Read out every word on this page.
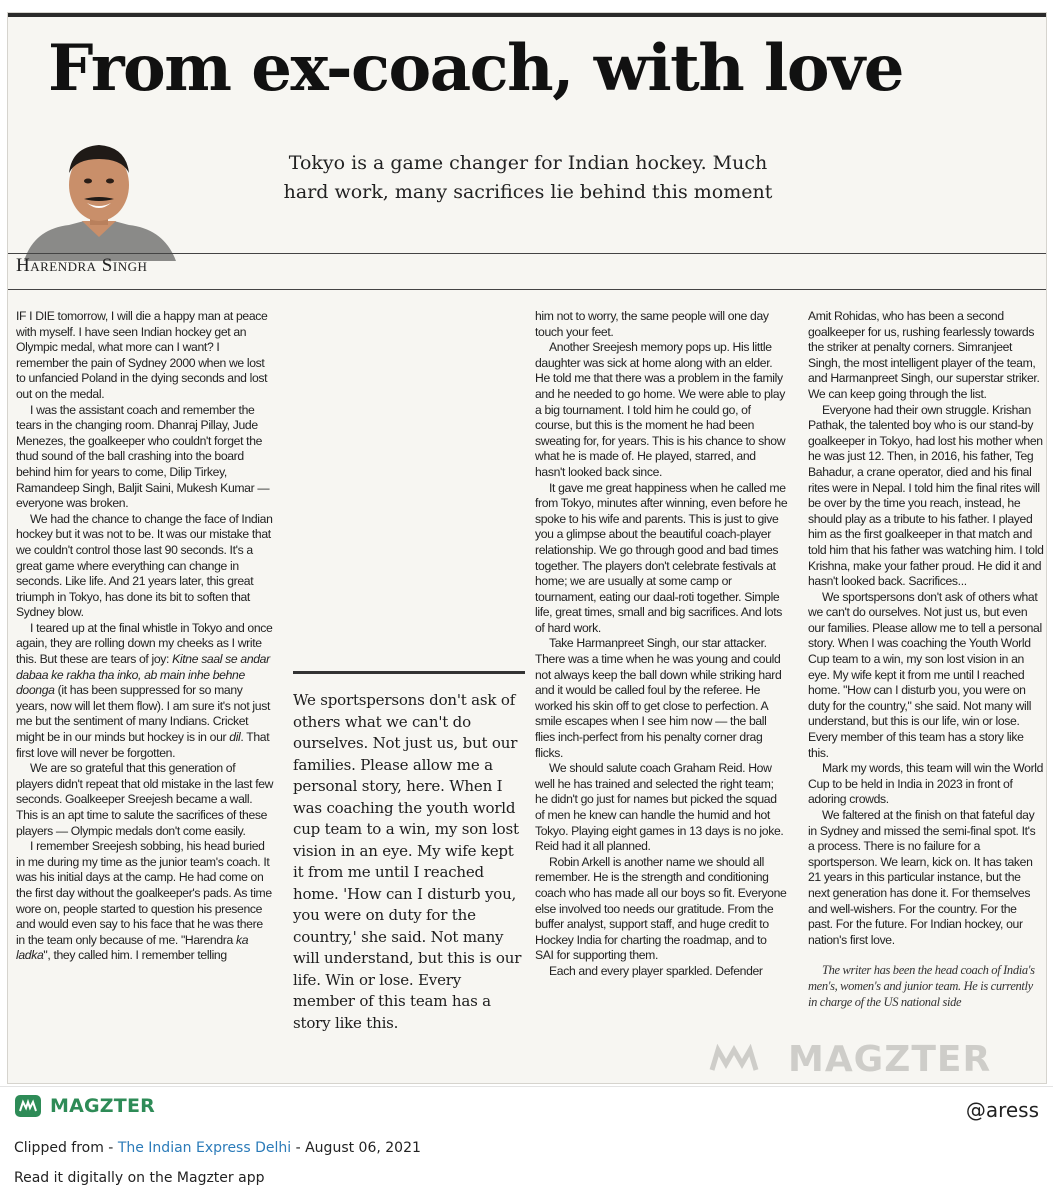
From ex-coach, with love

Tokyo is a game changer for Indian hockey. Much hard work, many sacrifices lie behind this moment

Harendra Singh

IF I DIE tomorrow, I will die a happy man at peace with myself. I have seen Indian hockey get an Olympic medal, what more can I want? I remember the pain of Sydney 2000 when we lost to unfancied Poland in the dying seconds and lost out on the medal.

I was the assistant coach and remember the tears in the changing room. Dhanraj Pillay, Jude Menezes, the goalkeeper who couldn't forget the thud sound of the ball crashing into the board behind him for years to come, Dilip Tirkey, Ramandeep Singh, Baljit Saini, Mukesh Kumar — everyone was broken.

We had the chance to change the face of Indian hockey but it was not to be. It was our mistake that we couldn't control those last 90 seconds. It's a great game where everything can change in seconds. Like life. And 21 years later, this great triumph in Tokyo, has done its bit to soften that Sydney blow.

I teared up at the final whistle in Tokyo and once again, they are rolling down my cheeks as I write this. But these are tears of joy: Kitne saal se andar dabaa ke rakha tha inko, ab main inhe behne doonga (it has been suppressed for so many years, now will let them flow). I am sure it's not just me but the sentiment of many Indians. Cricket might be in our minds but hockey is in our dil. That first love will never be forgotten.

We are so grateful that this generation of players didn't repeat that old mistake in the last few seconds. Goalkeeper Sreejesh became a wall. This is an apt time to salute the sacrifices of these players — Olympic medals don't come easily.

I remember Sreejesh sobbing, his head buried in me during my time as the junior team's coach. It was his initial days at the camp. He had come on the first day without the goalkeeper's pads. As time wore on, people started to question his presence and would even say to his face that he was there in the team only because of me. "Harendra ka ladka", they called him. I remember telling

We sportspersons don't ask of others what we can't do ourselves. Not just us, but our families. Please allow me a personal story, here. When I was coaching the youth world cup team to a win, my son lost vision in an eye. My wife kept it from me until I reached home. 'How can I disturb you, you were on duty for the country,' she said. Not many will understand, but this is our life. Win or lose. Every member of this team has a story like this.

him not to worry, the same people will one day touch your feet.

Another Sreejesh memory pops up. His little daughter was sick at home along with an elder. He told me that there was a problem in the family and he needed to go home. We were able to play a big tournament. I told him he could go, of course, but this is the moment he had been sweating for, for years. This is his chance to show what he is made of. He played, starred, and hasn't looked back since.

It gave me great happiness when he called me from Tokyo, minutes after winning, even before he spoke to his wife and parents. This is just to give you a glimpse about the beautiful coach-player relationship. We go through good and bad times together. The players don't celebrate festivals at home; we are usually at some camp or tournament, eating our daal-roti together. Simple life, great times, small and big sacrifices. And lots of hard work.

Take Harmanpreet Singh, our star attacker. There was a time when he was young and could not always keep the ball down while striking hard and it would be called foul by the referee. He worked his skin off to get close to perfection. A smile escapes when I see him now — the ball flies inch-perfect from his penalty corner drag flicks.

We should salute coach Graham Reid. How well he has trained and selected the right team; he didn't go just for names but picked the squad of men he knew can handle the humid and hot Tokyo. Playing eight games in 13 days is no joke. Reid had it all planned.

Robin Arkell is another name we should all remember. He is the strength and conditioning coach who has made all our boys so fit. Everyone else involved too needs our gratitude. From the buffer analyst, support staff, and huge credit to Hockey India for charting the roadmap, and to SAI for supporting them.

Each and every player sparkled. Defender

Amit Rohidas, who has been a second goalkeeper for us, rushing fearlessly towards the striker at penalty corners. Simranjeet Singh, the most intelligent player of the team, and Harmanpreet Singh, our superstar striker. We can keep going through the list.

Everyone had their own struggle. Krishan Pathak, the talented boy who is our stand-by goalkeeper in Tokyo, had lost his mother when he was just 12. Then, in 2016, his father, Teg Bahadur, a crane operator, died and his final rites were in Nepal. I told him the final rites will be over by the time you reach, instead, he should play as a tribute to his father. I played him as the first goalkeeper in that match and told him that his father was watching him. I told Krishna, make your father proud. He did it and hasn't looked back. Sacrifices...

We sportspersons don't ask of others what we can't do ourselves. Not just us, but even our families. Please allow me to tell a personal story. When I was coaching the Youth World Cup team to a win, my son lost vision in an eye. My wife kept it from me until I reached home. "How can I disturb you, you were on duty for the country," she said. Not many will understand, but this is our life, win or lose. Every member of this team has a story like this.

Mark my words, this team will win the World Cup to be held in India in 2023 in front of adoring crowds.

We faltered at the finish on that fateful day in Sydney and missed the semi-final spot. It's a process. There is no failure for a sportsperson. We learn, kick on. It has taken 21 years in this particular instance, but the next generation has done it. For themselves and well-wishers. For the country. For the past. For the future. For Indian hockey, our nation's first love.

The writer has been the head coach of India's men's, women's and junior team. He is currently in charge of the US national side

MAGZTER
MAGZTER	@aress
Clipped from - The Indian Express Delhi - August 06, 2021
Read it digitally on the Magzter app
